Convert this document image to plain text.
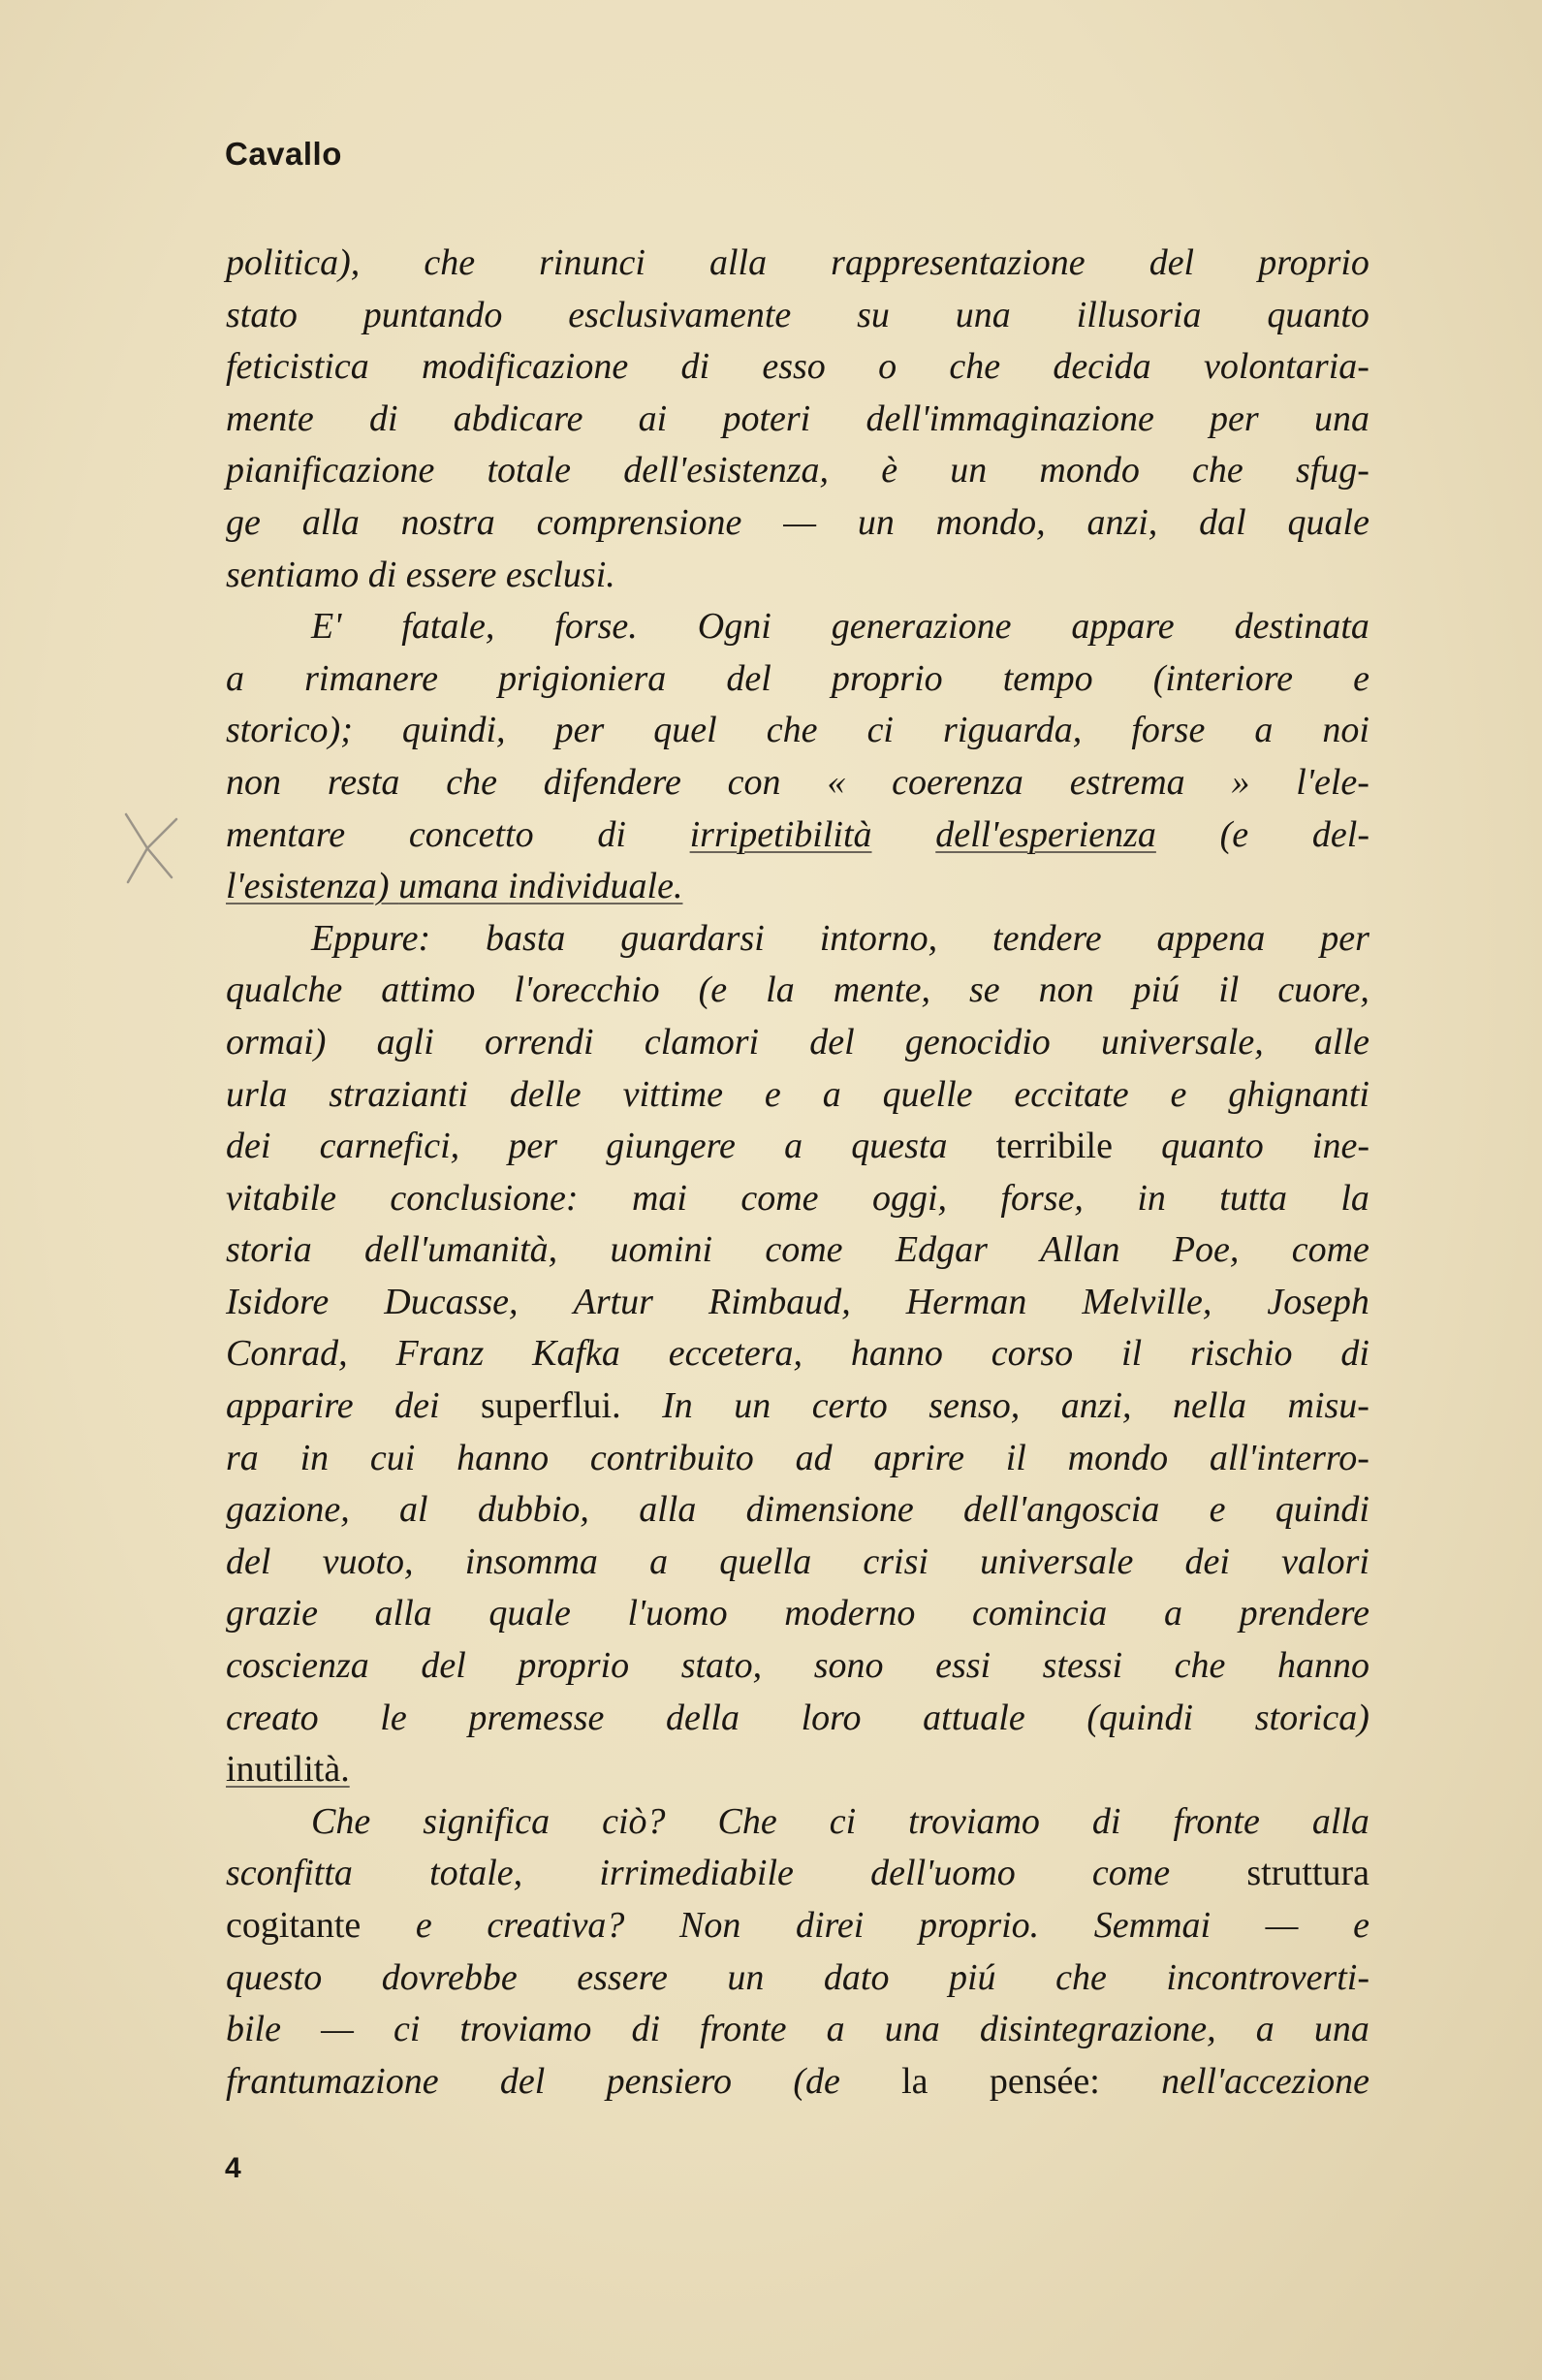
Cavallo
politica), che rinunci alla rappresentazione del proprio
stato puntando esclusivamente su una illusoria quanto
feticistica modificazione di esso o che decida volontaria-
mente di abdicare ai poteri dell'immaginazione per una
pianificazione totale dell'esistenza, è un mondo che sfug-
ge alla nostra comprensione — un mondo, anzi, dal quale
sentiamo di essere esclusi.
E' fatale, forse. Ogni generazione appare destinata
a rimanere prigioniera del proprio tempo (interiore e
storico); quindi, per quel che ci riguarda, forse a noi
non resta che difendere con « coerenza estrema » l'ele-
mentare concetto di irripetibilità dell'esperienza (e del-
l'esistenza) umana individuale.
Eppure: basta guardarsi intorno, tendere appena per
qualche attimo l'orecchio (e la mente, se non piú il cuore,
ormai) agli orrendi clamori del genocidio universale, alle
urla strazianti delle vittime e a quelle eccitate e ghignanti
dei carnefici, per giungere a questa terribile quanto ine-
vitabile conclusione: mai come oggi, forse, in tutta la
storia dell'umanità, uomini come Edgar Allan Poe, come
Isidore Ducasse, Artur Rimbaud, Herman Melville, Joseph
Conrad, Franz Kafka eccetera, hanno corso il rischio di
apparire dei superflui. In un certo senso, anzi, nella misu-
ra in cui hanno contribuito ad aprire il mondo all'interro-
gazione, al dubbio, alla dimensione dell'angoscia e quindi
del vuoto, insomma a quella crisi universale dei valori
grazie alla quale l'uomo moderno comincia a prendere
coscienza del proprio stato, sono essi stessi che hanno
creato le premesse della loro attuale (quindi storica)
inutilità.
Che significa ciò? Che ci troviamo di fronte alla
sconfitta totale, irrimediabile dell'uomo come struttura
cogitante e creativa? Non direi proprio. Semmai — e
questo dovrebbe essere un dato piú che incontroverti-
bile — ci troviamo di fronte a una disintegrazione, a una
frantumazione del pensiero (de la pensée: nell'accezione
4
